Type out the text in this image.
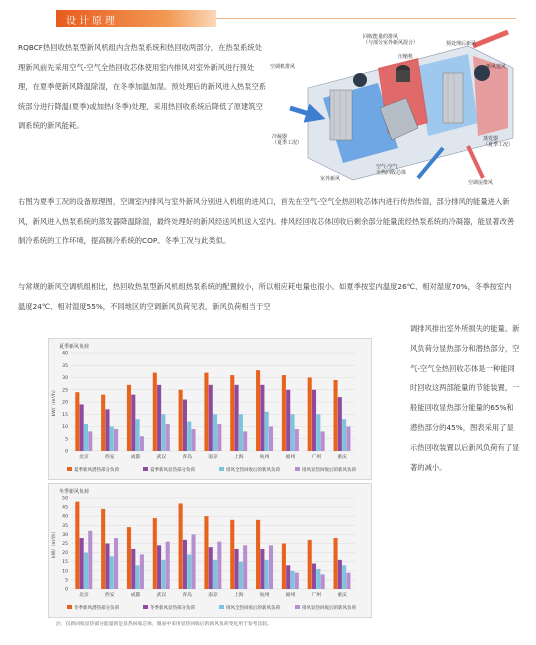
设计原理

RQBCF热回收热泵型新风机组内含热泵系统和热回收两部分，在热泵系统处理新风前先采用空气-空气全热回收芯体使用室内排风对室外新风进行预处理，在夏季使新风降温除湿，在冬季加温加湿。预处理后的新风进入热泵空系统部分进行降温(夏季)或加热(冬季)处理，采用热回收系统后降低了原建筑空调系统的新风能耗。

回收能量的排风（与部分室外新风混合）	预处理后新风
压缩机
空调机排风	新风送风
冷凝器（夏季工况）
蒸发器（夏季工况）
室外新风
空气-空气全热回收芯体
空调房排风

右图为夏季工况的设备原理图，空调室内排风与室外新风分别进入机组的进风口，首先在空气-空气全热回收芯体内进行传热传湿，部分排风的能量进入新风，新风进入热泵系统的蒸发器降温除湿，最终处理好的新风经送风机送入室内。排风经回收芯体回收后剩余部分能量流经热泵系统的冷凝器，能显著改善制冷系统的工作环境，提高制冷系统的COP。冬季工况与此类似。

与常规的新风空调机组相比，热回收热泵型新风机组热泵系统的配置较小，所以相应耗电量也很小。如夏季按室内温度26℃、相对湿度70%，冬季按室内温度24℃、相对湿度55%，不同地区的空调新风负荷见表，新风负荷相当于空

调排风排出室外所损失的能量。新风负荷分显热部分和潜热部分，空气-空气全热回收芯体是一种能同时回收这两部能量的节能装置，一般能回收显热部分能量的65%和潜热部分的45%，图表采用了显示热回收装置以后新风负荷有了显著的减小。

夏季新风负荷
kW/（m³/h）
0
5
10
15
20
25
30
35
40
北京	西安	成都	武汉	青岛	南京	上海	杭州	福州	广州	重庆
夏季新风潜热部分负荷	夏季新风显热部分负荷	排风全热回收后的新风负荷	排风显热回收后的新风负荷
冬季新风负荷
kW/（m³/h）
0
5
10
15
20
25
30
35
40
45
50
北京	西安	成都	武汉	青岛	南京	上海	杭州	福州	广州	重庆
冬季新风潜热部分负荷	冬季新风显热部分负荷	排风全热回收后的新风负荷	排风显热回收后的新风负荷
注：仅新回收显热部分能量的是显热回收芯体，图表中采用显热回收后的新风负荷变化用于参考比较。
